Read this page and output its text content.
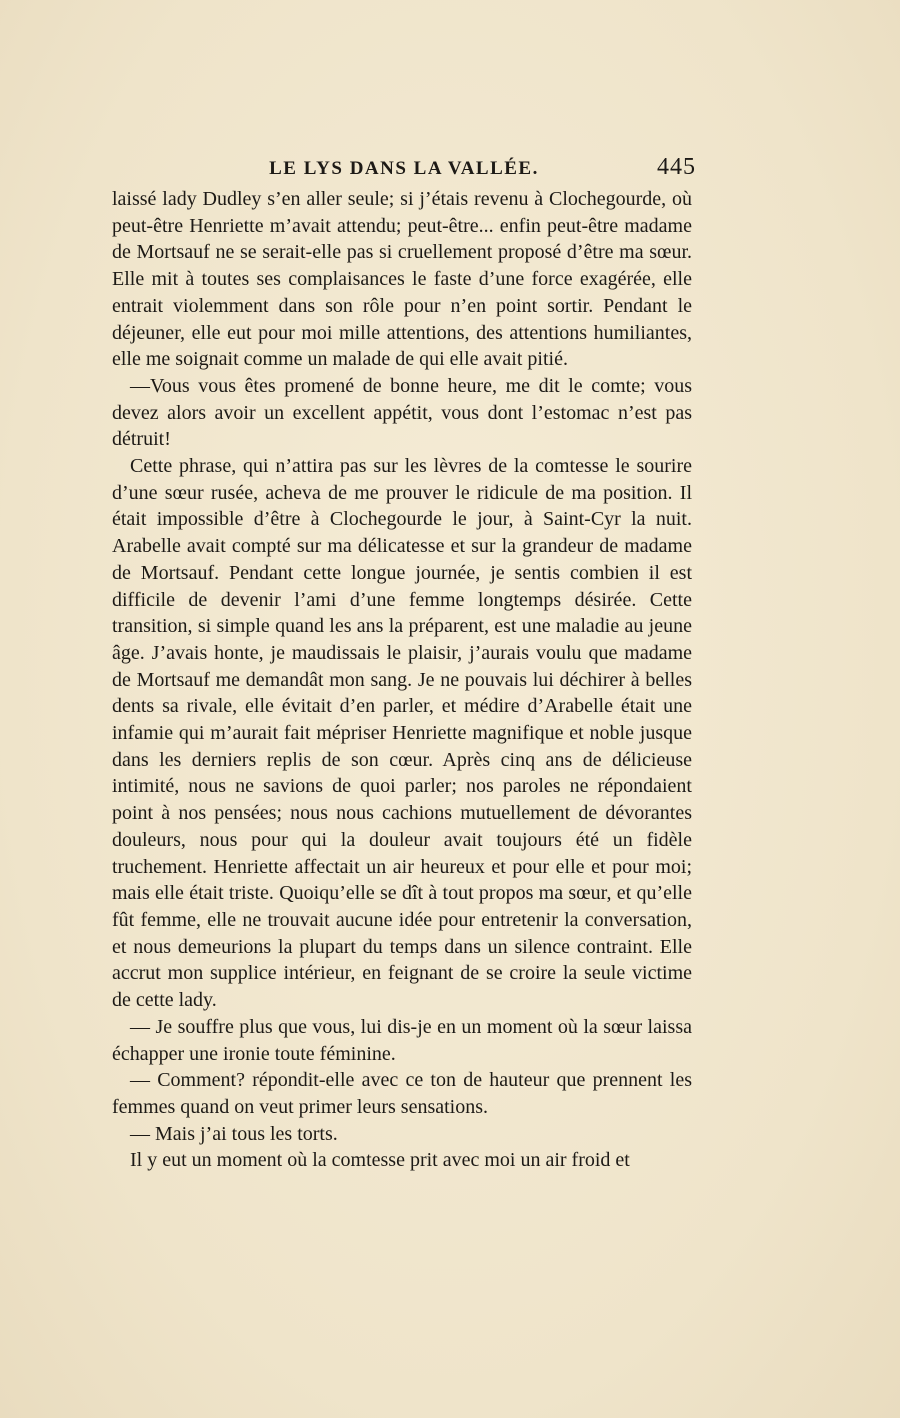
LE LYS DANS LA VALLÉE.	445

laissé lady Dudley s’en aller seule; si j’étais revenu à Clochegourde, où peut-être Henriette m’avait attendu; peut-être... enfin peut-être madame de Mortsauf ne se serait-elle pas si cruellement proposé d’être ma sœur. Elle mit à toutes ses complaisances le faste d’une force exagérée, elle entrait violemment dans son rôle pour n’en point sortir. Pendant le déjeuner, elle eut pour moi mille attentions, des attentions humiliantes, elle me soignait comme un malade de qui elle avait pitié.

—Vous vous êtes promené de bonne heure, me dit le comte; vous devez alors avoir un excellent appétit, vous dont l’estomac n’est pas détruit!

Cette phrase, qui n’attira pas sur les lèvres de la comtesse le sourire d’une sœur rusée, acheva de me prouver le ridicule de ma position. Il était impossible d’être à Clochegourde le jour, à Saint-Cyr la nuit. Arabelle avait compté sur ma délicatesse et sur la grandeur de madame de Mortsauf. Pendant cette longue journée, je sentis combien il est difficile de devenir l’ami d’une femme longtemps désirée. Cette transition, si simple quand les ans la préparent, est une maladie au jeune âge. J’avais honte, je maudissais le plaisir, j’aurais voulu que madame de Mortsauf me demandât mon sang. Je ne pouvais lui déchirer à belles dents sa rivale, elle évitait d’en parler, et médire d’Arabelle était une infamie qui m’aurait fait mépriser Henriette magnifique et noble jusque dans les derniers replis de son cœur. Après cinq ans de délicieuse intimité, nous ne savions de quoi parler; nos paroles ne répondaient point à nos pensées; nous nous cachions mutuellement de dévorantes douleurs, nous pour qui la douleur avait toujours été un fidèle truchement. Henriette affectait un air heureux et pour elle et pour moi; mais elle était triste. Quoiqu’elle se dît à tout propos ma sœur, et qu’elle fût femme, elle ne trouvait aucune idée pour entretenir la conversation, et nous demeurions la plupart du temps dans un silence contraint. Elle accrut mon supplice intérieur, en feignant de se croire la seule victime de cette lady.

— Je souffre plus que vous, lui dis-je en un moment où la sœur laissa échapper une ironie toute féminine.

— Comment? répondit-elle avec ce ton de hauteur que prennent les femmes quand on veut primer leurs sensations.

— Mais j’ai tous les torts.

Il y eut un moment où la comtesse prit avec moi un air froid et
